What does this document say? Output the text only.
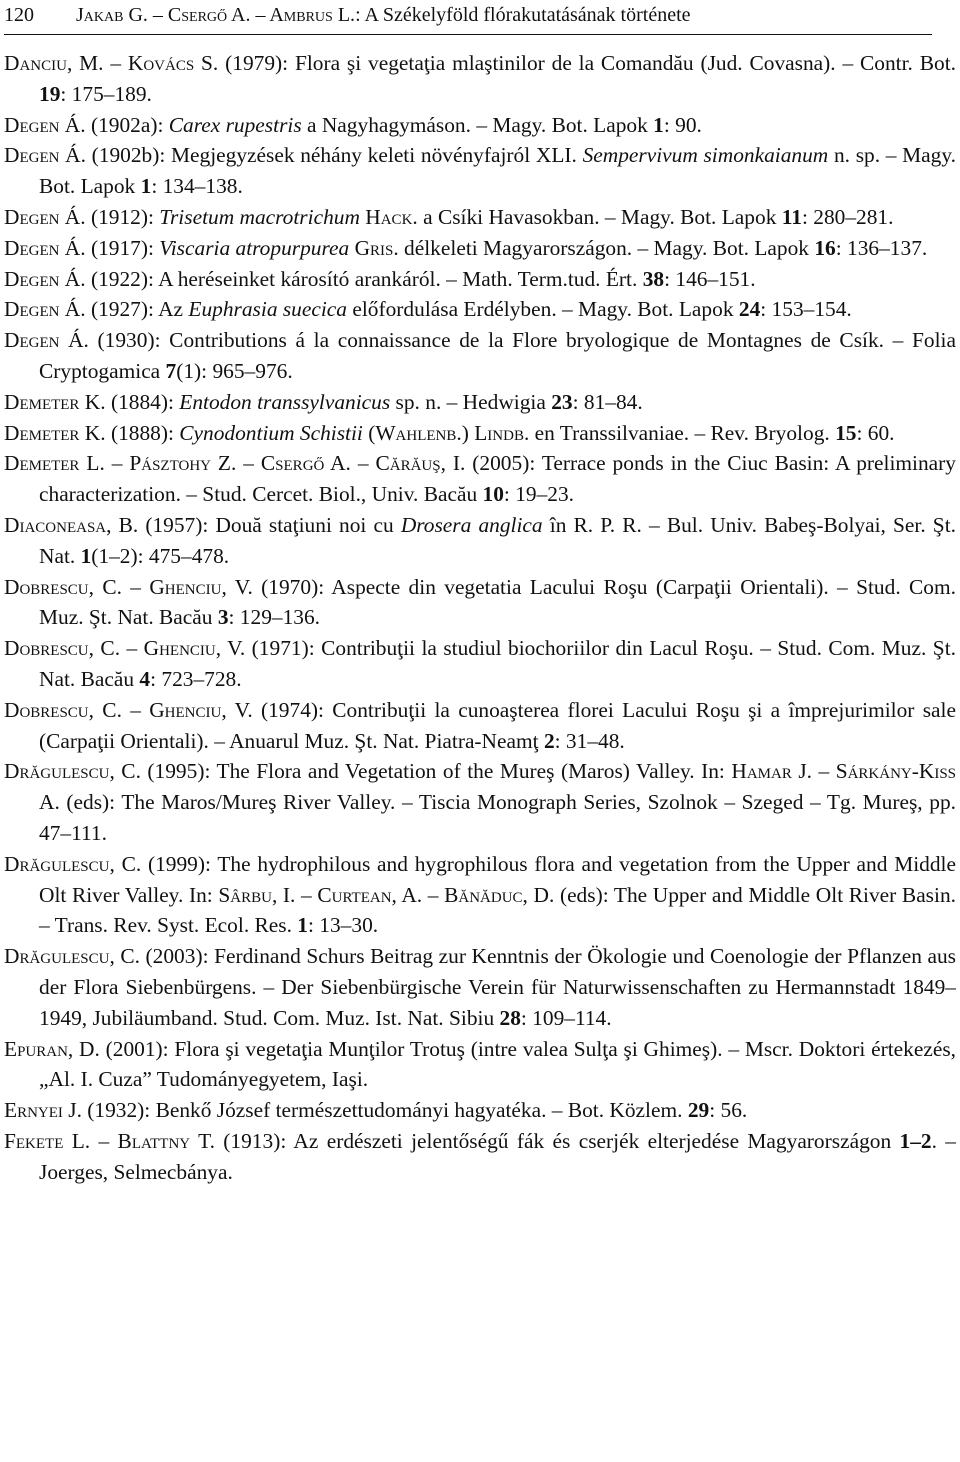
120 Jakab G. – Csergő A. – Ambrus L.: A Székelyföld flórakutatásának története

Danciu, M. – Kovács S. (1979): Flora şi vegetaţia mlaştinilor de la Comandău (Jud. Covasna). – Contr. Bot. 19: 175–189.

Degen Á. (1902a): Carex rupestris a Nagyhagymáson. – Magy. Bot. Lapok 1: 90.

Degen Á. (1902b): Megjegyzések néhány keleti növényfajról XLI. Sempervivum simonkaianum n. sp. – Magy. Bot. Lapok 1: 134–138.

Degen Á. (1912): Trisetum macrotrichum Hack. a Csíki Havasokban. – Magy. Bot. Lapok 11: 280–281.

Degen Á. (1917): Viscaria atropurpurea Gris. délkeleti Magyarországon. – Magy. Bot. Lapok 16: 136–137.

Degen Á. (1922): A heréseinket károsító arankáról. – Math. Term.tud. Ért. 38: 146–151.

Degen Á. (1927): Az Euphrasia suecica előfordulása Erdélyben. – Magy. Bot. Lapok 24: 153–154.

Degen Á. (1930): Contributions á la connaissance de la Flore bryologique de Montagnes de Csík. – Folia Cryptogamica 7(1): 965–976.

Demeter K. (1884): Entodon transsylvanicus sp. n. – Hedwigia 23: 81–84.

Demeter K. (1888): Cynodontium Schistii (Wahlenb.) Lindb. en Transsilvaniae. – Rev. Bryolog. 15: 60.

Demeter L. – Pásztohy Z. – Csergő A. – Cărăuş, I. (2005): Terrace ponds in the Ciuc Basin: A preliminary characterization. – Stud. Cercet. Biol., Univ. Bacău 10: 19–23.

Diaconeasa, B. (1957): Două staţiuni noi cu Drosera anglica în R. P. R. – Bul. Univ. Babeş-Bolyai, Ser. Şt. Nat. 1(1–2): 475–478.

Dobrescu, C. – Ghenciu, V. (1970): Aspecte din vegetatia Lacului Roşu (Carpaţii Orientali). – Stud. Com. Muz. Şt. Nat. Bacău 3: 129–136.

Dobrescu, C. – Ghenciu, V. (1971): Contribuţii la studiul biochoriilor din Lacul Roşu. – Stud. Com. Muz. Şt. Nat. Bacău 4: 723–728.

Dobrescu, C. – Ghenciu, V. (1974): Contribuţii la cunoaşterea florei Lacului Roşu şi a împrejurimilor sale (Carpaţii Orientali). – Anuarul Muz. Şt. Nat. Piatra-Neamţ 2: 31–48.

Drăgulescu, C. (1995): The Flora and Vegetation of the Mureş (Maros) Valley. In: Hamar J. – Sárkány-Kiss A. (eds): The Maros/Mureş River Valley. – Tiscia Monograph Series, Szolnok – Szeged – Tg. Mureş, pp. 47–111.

Drăgulescu, C. (1999): The hydrophilous and hygrophilous flora and vegetation from the Upper and Middle Olt River Valley. In: Sârbu, I. – Curtean, A. – Bănăduc, D. (eds): The Upper and Middle Olt River Basin. – Trans. Rev. Syst. Ecol. Res. 1: 13–30.

Drăgulescu, C. (2003): Ferdinand Schurs Beitrag zur Kenntnis der Ökologie und Coenologie der Pflanzen aus der Flora Siebenbürgens. – Der Siebenbürgische Verein für Naturwissenschaften zu Hermannstadt 1849–1949, Jubiläumband. Stud. Com. Muz. Ist. Nat. Sibiu 28: 109–114.

Epuran, D. (2001): Flora şi vegetaţia Munţilor Trotuş (intre valea Sulţa şi Ghimeş). – Mscr. Doktori értekezés, „Al. I. Cuza” Tudományegyetem, Iaşi.

Ernyei J. (1932): Benkő József természettudományi hagyatéka. – Bot. Közlem. 29: 56.

Fekete L. – Blattny T. (1913): Az erdészeti jelentőségű fák és cserjék elterjedése Magyarországon 1–2. – Joerges, Selmecbánya.
